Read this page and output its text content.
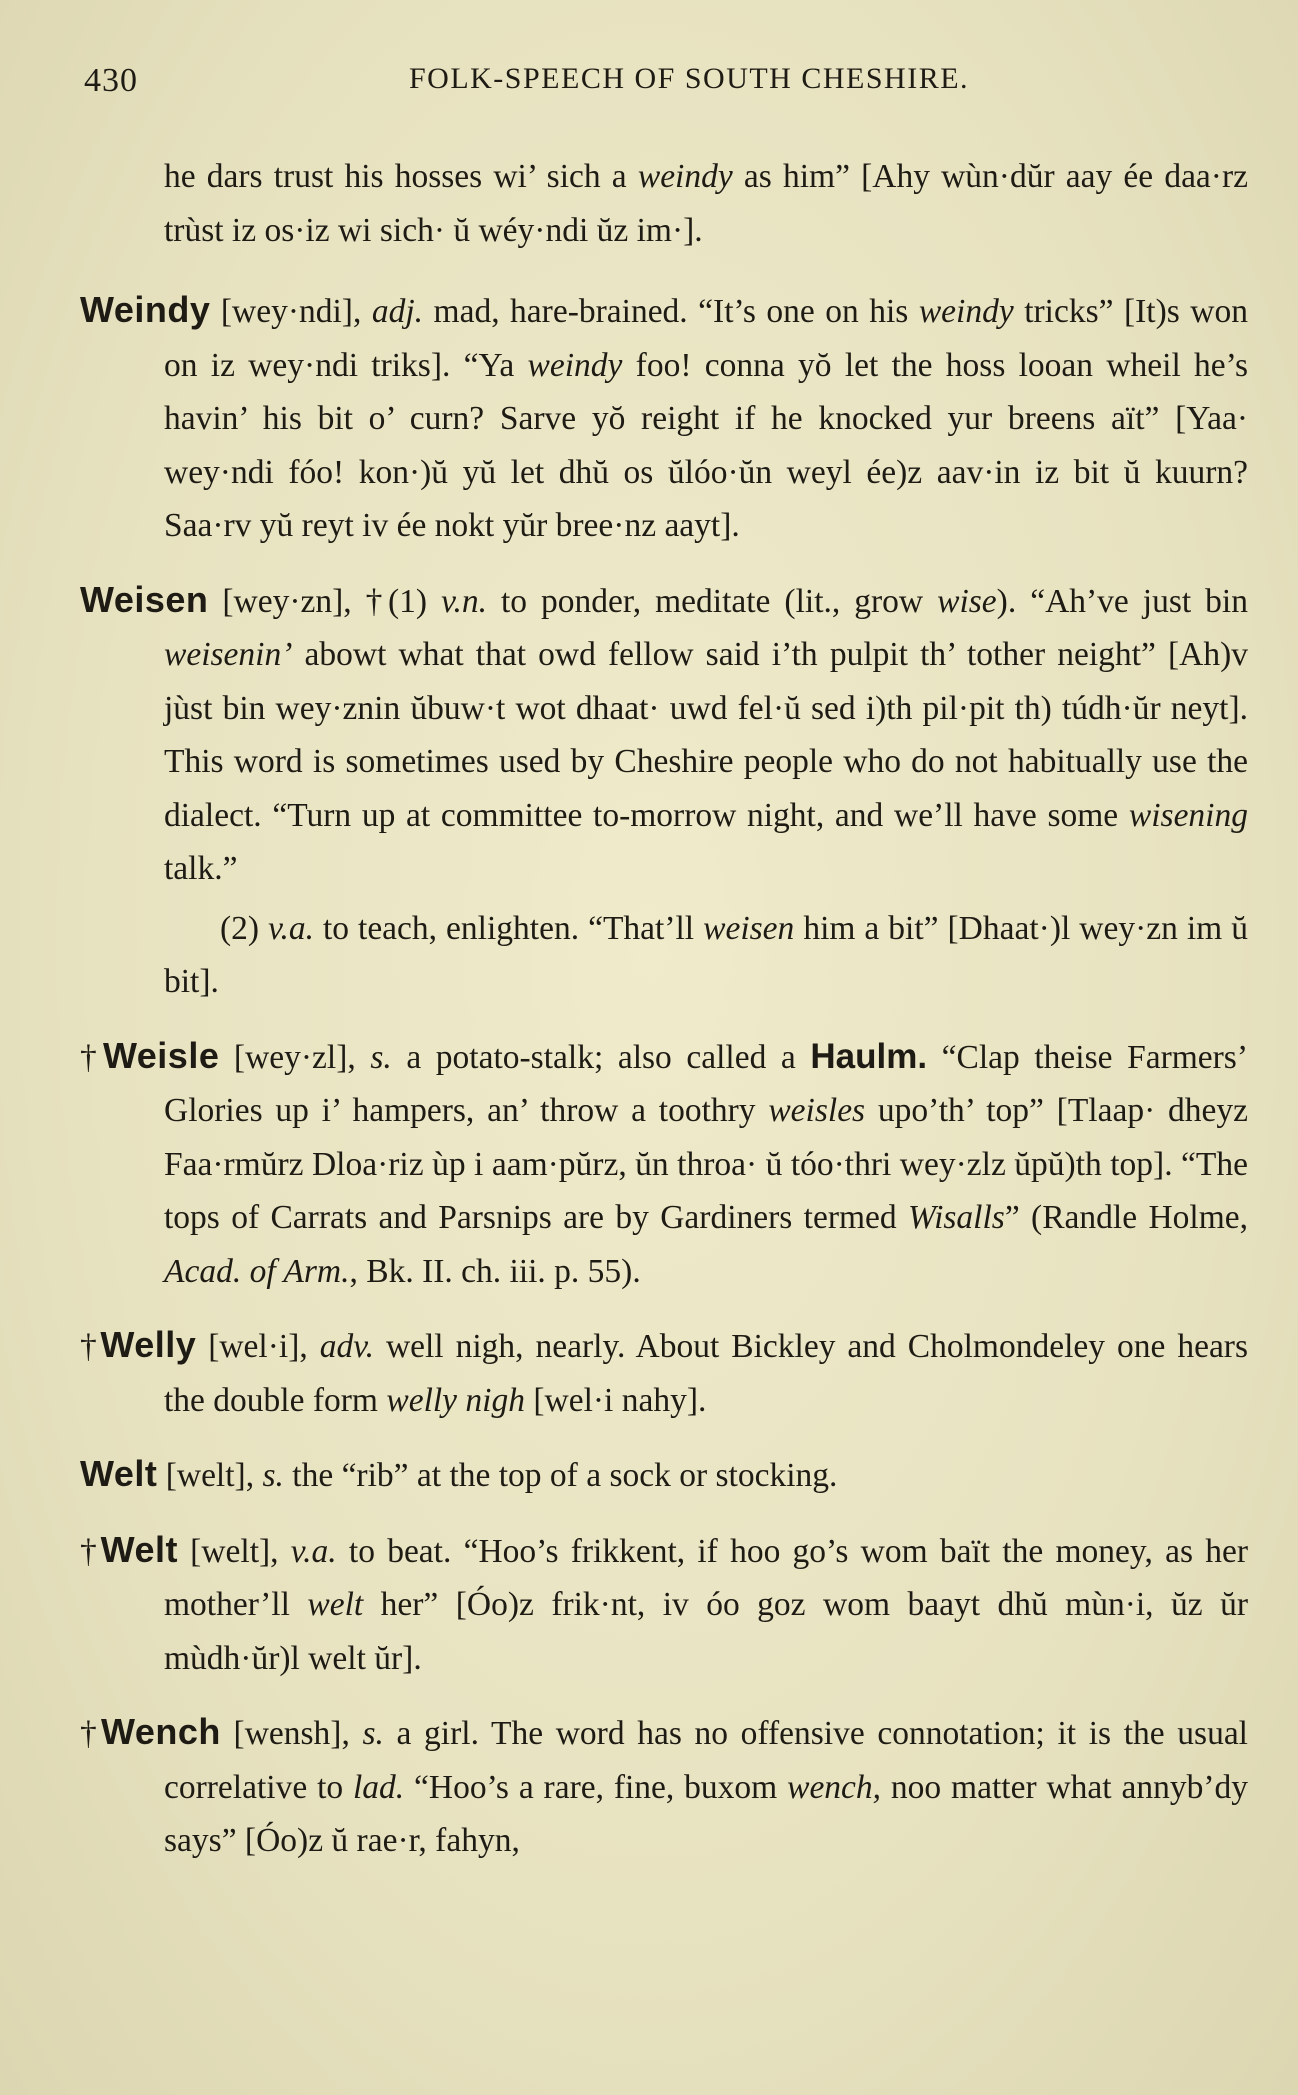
430	FOLK-SPEECH OF SOUTH CHESHIRE.

he dars trust his hosses wi’ sich a weindy as him” [Ahy wùn·dŭr aay ée daa·rz trùst iz os·iz wi sich· ŭ wéy·ndi ŭz im·].

Weindy [wey·ndi], adj. mad, hare-brained. “It’s one on his weindy tricks” [It)s won on iz wey·ndi triks]. “Ya weindy foo! conna yŏ let the hoss looan wheil he’s havin’ his bit o’ curn? Sarve yŏ reight if he knocked yur breens aït” [Yaa· wey·ndi fóo! kon·)ŭ yŭ let dhŭ os ŭlóo·ŭn weyl ée)z aav·in iz bit ŭ kuurn? Saa·rv yŭ reyt iv ée nokt yŭr bree·nz aayt].

Weisen [wey·zn], †(1) v.n. to ponder, meditate (lit., grow wise). “Ah’ve just bin weisenin’ abowt what that owd fellow said i’th pulpit th’ tother neight” [Ah)v jùst bin wey·znin ŭbuw·t wot dhaat· uwd fel·ŭ sed i)th pil·pit th) túdh·ŭr neyt]. This word is sometimes used by Cheshire people who do not habitually use the dialect. “Turn up at committee to-morrow night, and we’ll have some wisening talk.”

(2) v.a. to teach, enlighten. “That’ll weisen him a bit” [Dhaat·)l wey·zn im ŭ bit].

†Weisle [wey·zl], s. a potato-stalk; also called a Haulm. “Clap theise Farmers’ Glories up i’ hampers, an’ throw a toothry weisles upo’th’ top” [Tlaap· dheyz Faa·rmŭrz Dloa·riz ùp i aam·pŭrz, ŭn throa· ŭ tóo·thri wey·zlz ŭpŭ)th top]. “The tops of Carrats and Parsnips are by Gardiners termed Wisalls” (Randle Holme, Acad. of Arm., Bk. II. ch. iii. p. 55).

†Welly [wel·i], adv. well nigh, nearly. About Bickley and Cholmondeley one hears the double form welly nigh [wel·i nahy].

Welt [welt], s. the “rib” at the top of a sock or stocking.

†Welt [welt], v.a. to beat. “Hoo’s frikkent, if hoo go’s wom baït the money, as her mother’ll welt her” [Óo)z frik·nt, iv óo goz wom baayt dhŭ mùn·i, ŭz ŭr mùdh·ŭr)l welt ŭr].

†Wench [wensh], s. a girl. The word has no offensive connotation; it is the usual correlative to lad. “Hoo’s a rare, fine, buxom wench, noo matter what annyb’dy says” [Óo)z ŭ rae·r, fahyn,
